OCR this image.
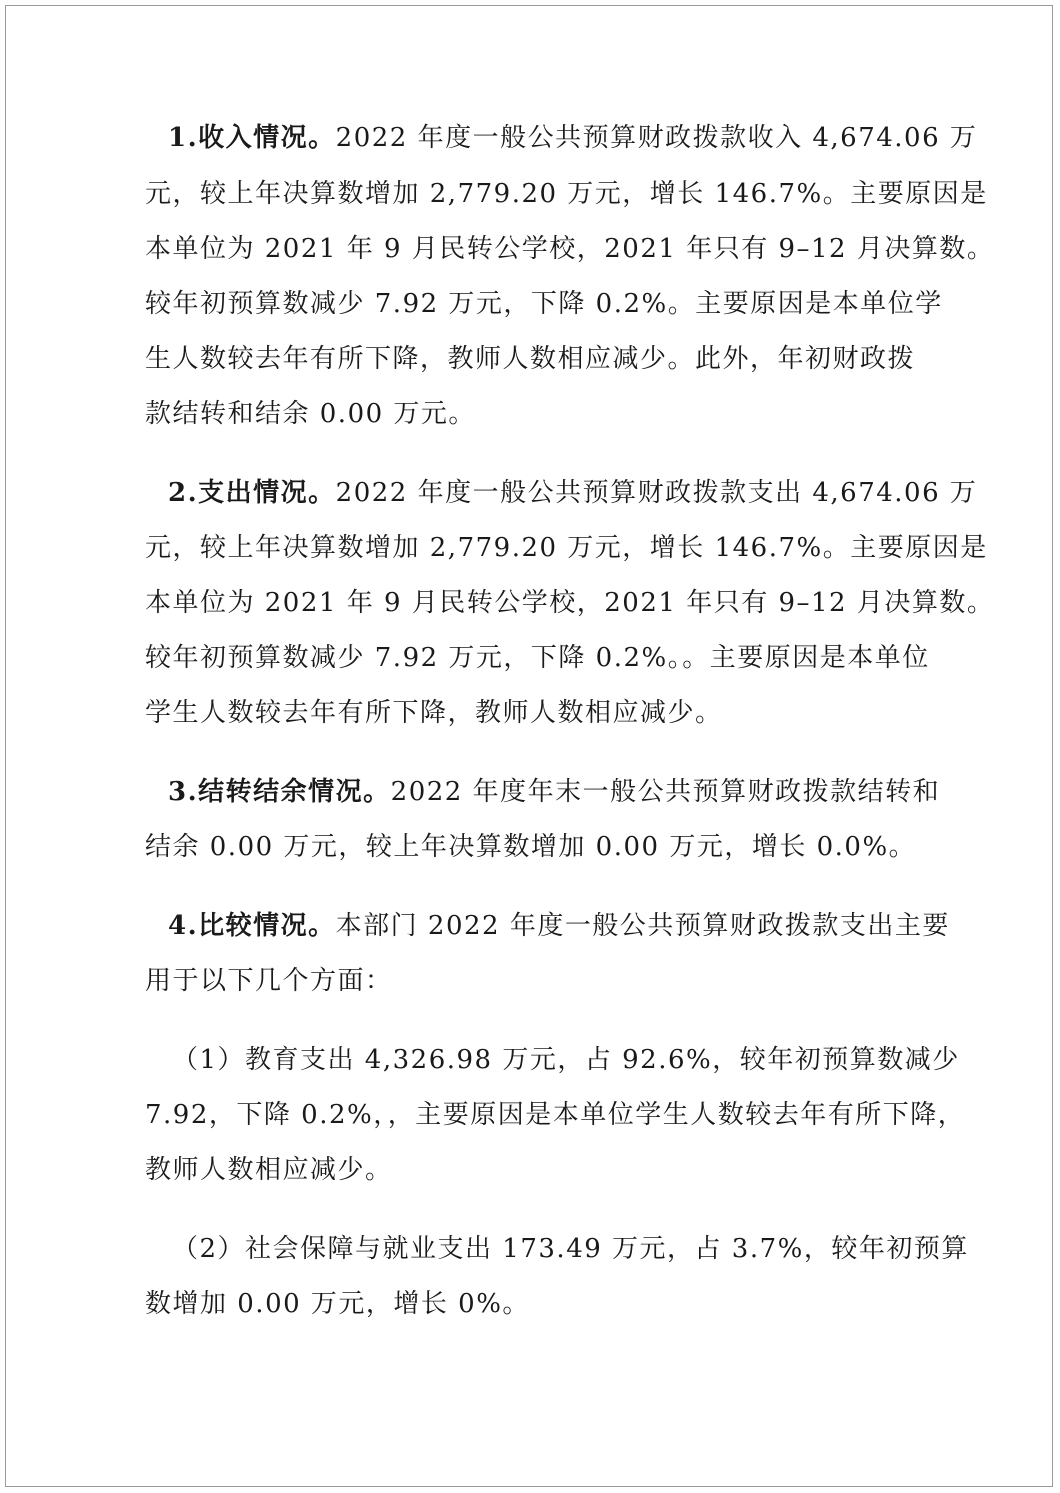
1.收入情况。2022 年度一般公共预算财政拨款收入 4,674.06 万
元，较上年决算数增加 2,779.20 万元，增长 146.7%。主要原因是
本单位为 2021 年 9 月民转公学校，2021 年只有 9–12 月决算数。
较年初预算数减少 7.92 万元，下降 0.2%。主要原因是本单位学
生人数较去年有所下降，教师人数相应减少。此外，年初财政拨
款结转和结余 0.00 万元。
2.支出情况。2022 年度一般公共预算财政拨款支出 4,674.06 万
元，较上年决算数增加 2,779.20 万元，增长 146.7%。主要原因是
本单位为 2021 年 9 月民转公学校，2021 年只有 9–12 月决算数。
较年初预算数减少 7.92 万元，下降 0.2%。。主要原因是本单位
学生人数较去年有所下降，教师人数相应减少。
3.结转结余情况。2022 年度年末一般公共预算财政拨款结转和
结余 0.00 万元，较上年决算数增加 0.00 万元，增长 0.0%。
4.比较情况。本部门 2022 年度一般公共预算财政拨款支出主要
用于以下几个方面：
（1）教育支出 4,326.98 万元，占 92.6%，较年初预算数减少
7.92，下降 0.2%，，主要原因是本单位学生人数较去年有所下降，
教师人数相应减少。
（2）社会保障与就业支出 173.49 万元，占 3.7%，较年初预算
数增加 0.00 万元，增长 0%。
